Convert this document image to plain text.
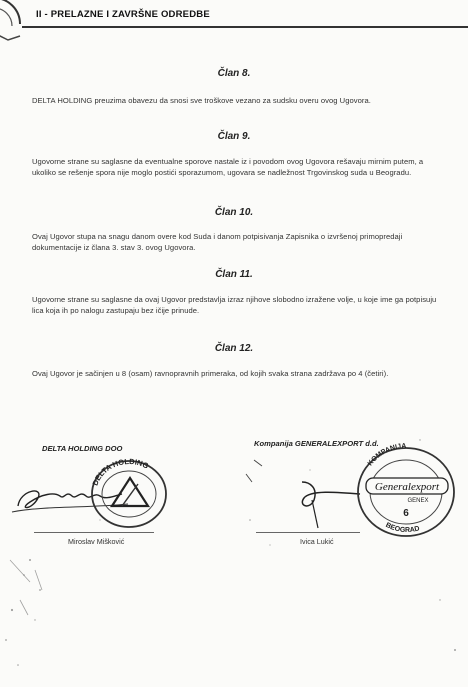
II - PRELAZNE I ZAVRŠNE ODREDBE
Član 8.
DELTA HOLDING preuzima obavezu da snosi sve troškove vezano za sudsku overu ovog Ugovora.
Član 9.
Ugovorne strane su saglasne da eventualne sporove nastale iz i povodom ovog Ugovora rešavaju mirnim putem, a ukoliko se rešenje spora nije moglo postići sporazumom, ugovara se nadležnost Trgovinskog suda u Beogradu.
Član 10.
Ovaj Ugovor stupa na snagu danom overe kod Suda i danom potpisivanja Zapisnika o izvršenoj primopredaji dokumentacije iz člana 3. stav 3. ovog Ugovora.
Član 11.
Ugovorne strane su saglasne da ovaj Ugovor predstavlja izraz njihove slobodno izražene volje, u koje ime ga potpisuju lica koja ih po nalogu zastupaju bez ičije prinude.
Član 12.
Ovaj Ugovor je sačinjen u 8 (osam) ravnopravnih primeraka, od kojih svaka strana zadržava po 4 (četiri).
DELTA HOLDING DOO
DELTA HOLDING
Miroslav Mišković
Kompanija GENERALEXPORT d.d.
KOMPANIJA
BEOGRAD
Generalexport
GENEX
6
Ivica Lukić
